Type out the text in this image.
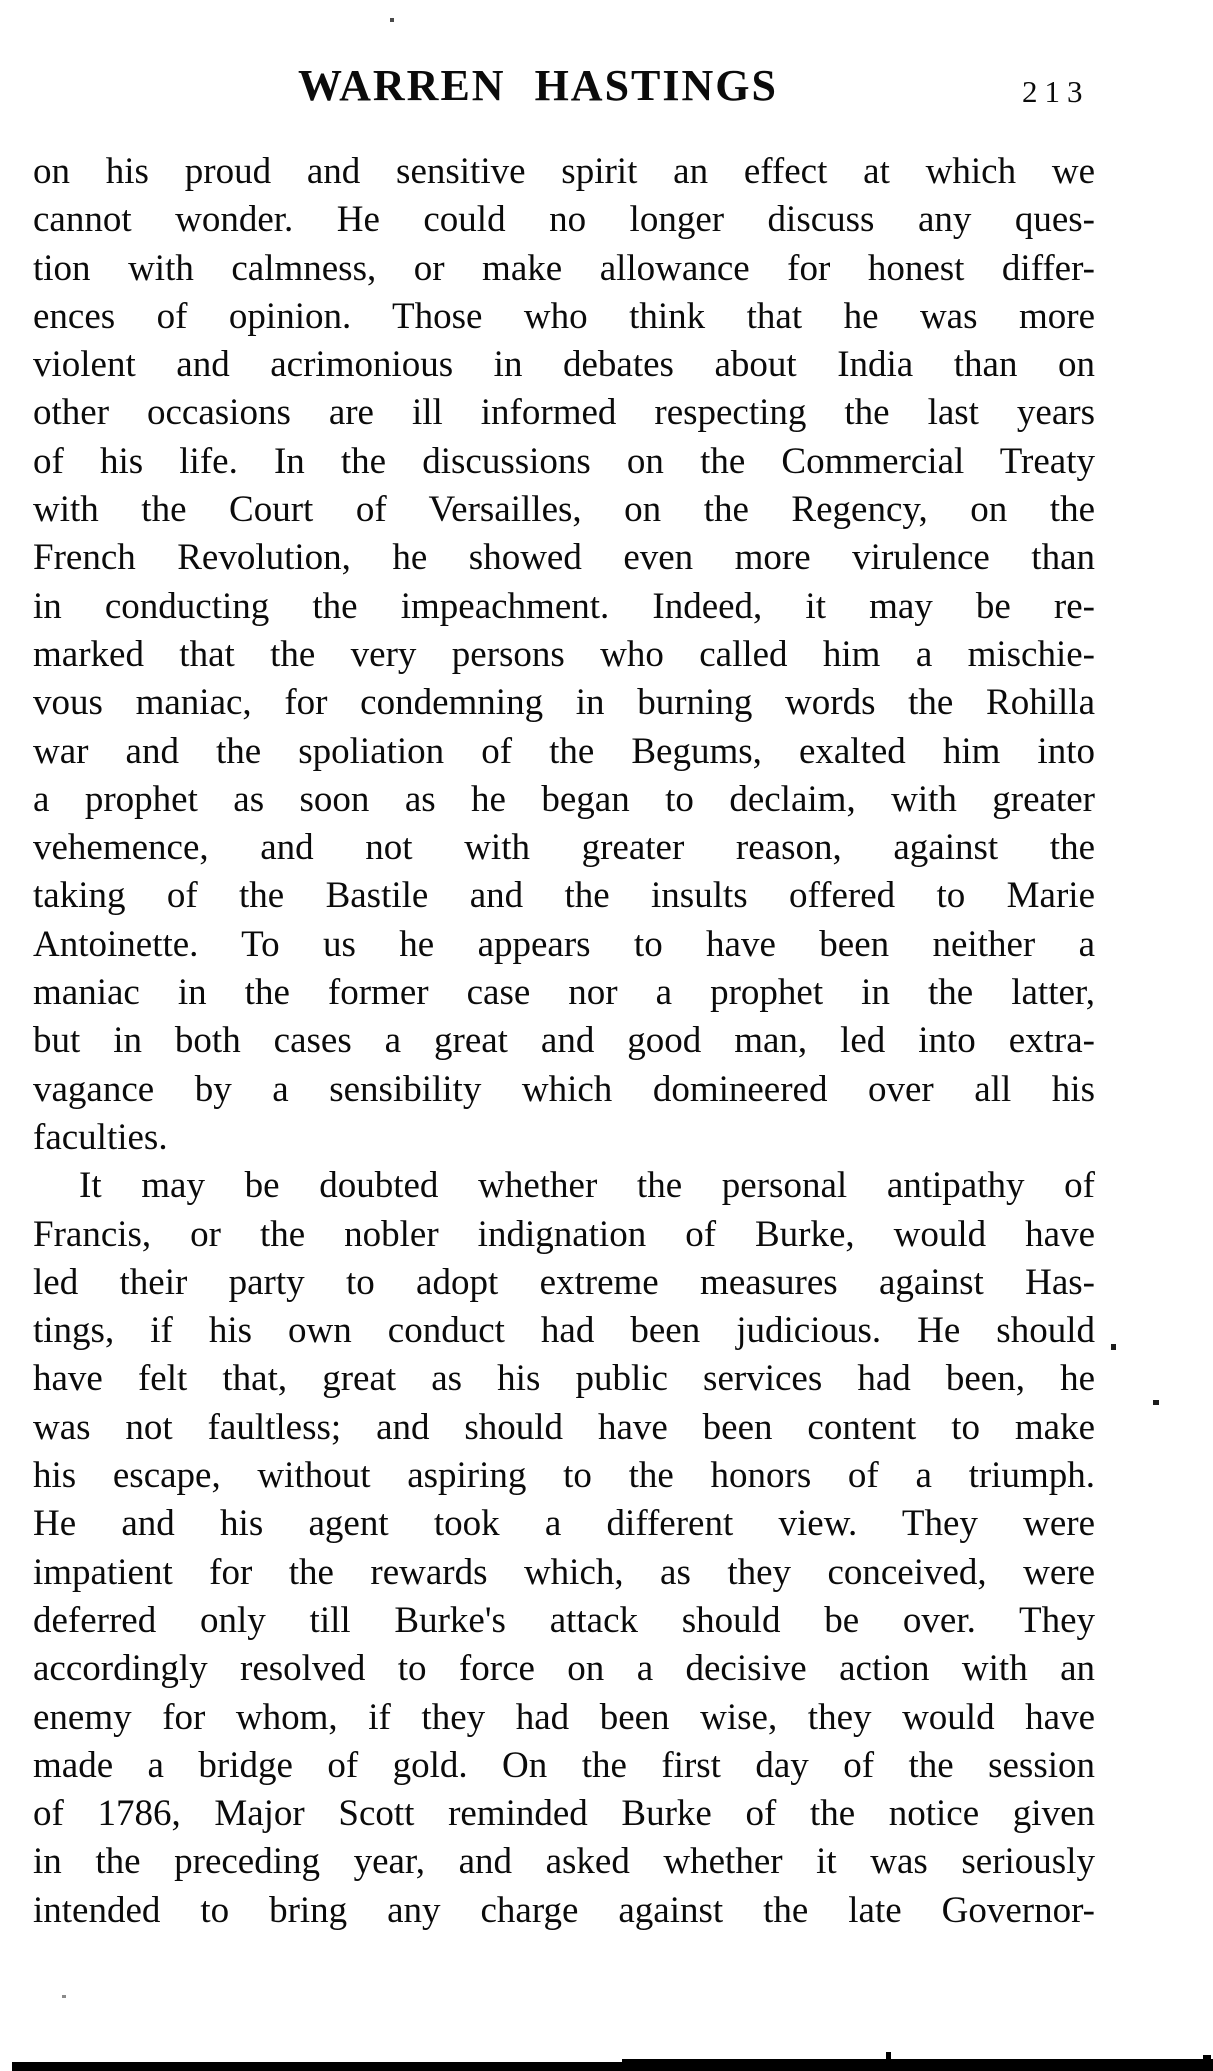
WARREN HASTINGS	213
on his proud and sensitive spirit an effect at which we
cannot wonder. He could no longer discuss any ques-
tion with calmness, or make allowance for honest differ-
ences of opinion. Those who think that he was more
violent and acrimonious in debates about India than on
other occasions are ill informed respecting the last years
of his life. In the discussions on the Commercial Treaty
with the Court of Versailles, on the Regency, on the
French Revolution, he showed even more virulence than
in conducting the impeachment. Indeed, it may be re-
marked that the very persons who called him a mischie-
vous maniac, for condemning in burning words the Rohilla
war and the spoliation of the Begums, exalted him into
a prophet as soon as he began to declaim, with greater
vehemence, and not with greater reason, against the
taking of the Bastile and the insults offered to Marie
Antoinette. To us he appears to have been neither a
maniac in the former case nor a prophet in the latter,
but in both cases a great and good man, led into extra-
vagance by a sensibility which domineered over all his
faculties.
It may be doubted whether the personal antipathy of
Francis, or the nobler indignation of Burke, would have
led their party to adopt extreme measures against Has-
tings, if his own conduct had been judicious. He should
have felt that, great as his public services had been, he
was not faultless; and should have been content to make
his escape, without aspiring to the honors of a triumph.
He and his agent took a different view. They were
impatient for the rewards which, as they conceived, were
deferred only till Burke's attack should be over. They
accordingly resolved to force on a decisive action with an
enemy for whom, if they had been wise, they would have
made a bridge of gold. On the first day of the session
of 1786, Major Scott reminded Burke of the notice given
in the preceding year, and asked whether it was seriously
intended to bring any charge against the late Governor-
